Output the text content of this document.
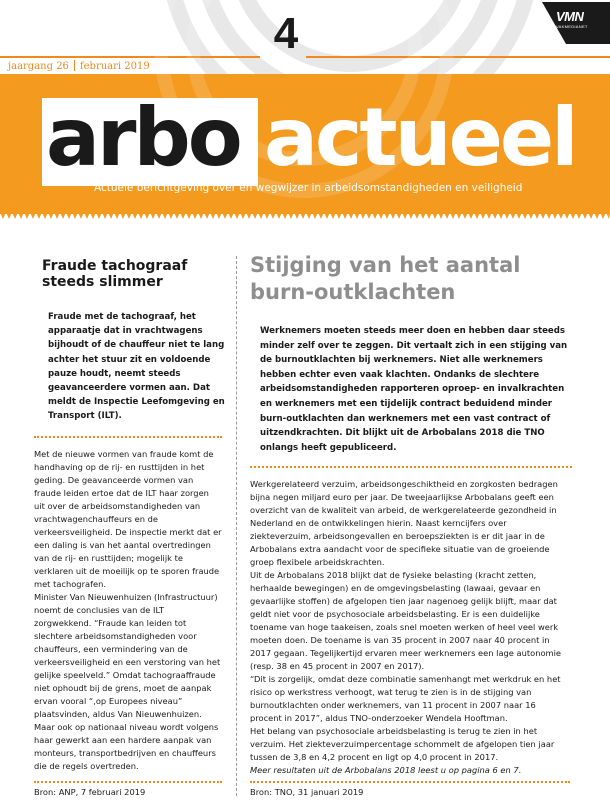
4
jaargang 26 februari 2019
VMN
VAKMEDIANET
arbo actueel
Actuele berichtgeving over en wegwijzer in arbeidsomstandigheden en veiligheid
Fraude tachograaf steeds slimmer
Fraude met de tachograaf, het apparaatje dat in vrachtwagens bijhoudt of de chauffeur niet te lang achter het stuur zit en voldoende pauze houdt, neemt steeds geavanceerdere vormen aan. Dat meldt de Inspectie Leefomgeving en Transport (ILT).

Met de nieuwe vormen van fraude komt de handhaving op de rij- en rusttijden in het geding. De geavanceerde vormen van fraude leiden ertoe dat de ILT haar zorgen uit over de arbeidsomstandigheden van vrachtwagenchauffeurs en de verkeersveiligheid. De inspectie merkt dat er een daling is van het aantal overtredingen van de rij- en rusttijden; mogelijk te verklaren uit de moeilijk op te sporen fraude met tachografen.

Minister Van Nieuwenhuizen (Infrastructuur) noemt de conclusies van de ILT zorgwekkend. “Fraude kan leiden tot slechtere arbeidsomstandigheden voor chauffeurs, een vermindering van de verkeersveiligheid en een verstoring van het gelijke speelveld.” Omdat tachograaffraude niet ophoudt bij de grens, moet de aanpak ervan vooral “,op Europees niveau” plaatsvinden, aldus Van Nieuwenhuizen. Maar ook op nationaal niveau wordt volgens haar gewerkt aan een hardere aanpak van monteurs, transportbedrijven en chauffeurs die de regels overtreden.

Bron: ANP, 7 februari 2019
Stijging van het aantal burn-outklachten
Werknemers moeten steeds meer doen en hebben daar steeds minder zelf over te zeggen. Dit vertaalt zich in een stijging van de burnoutklachten bij werknemers. Niet alle werknemers hebben echter even vaak klachten. Ondanks de slechtere arbeidsomstandigheden rapporteren oproep- en invalkrachten en werknemers met een tijdelijk contract beduidend minder burn-outklachten dan werknemers met een vast contract of uitzendkrachten. Dit blijkt uit de Arbobalans 2018 die TNO onlangs heeft gepubliceerd.

Werkgerelateerd verzuim, arbeidsongeschiktheid en zorgkosten bedragen bijna negen miljard euro per jaar. De tweejaarlijkse Arbobalans geeft een overzicht van de kwaliteit van arbeid, de werkgerelateerde gezondheid in Nederland en de ontwikkelingen hierin. Naast kerncijfers over ziekteverzuim, arbeidsongevallen en beroepsziekten is er dit jaar in de Arbobalans extra aandacht voor de specifieke situatie van de groeiende groep flexibele arbeidskrachten.

Uit de Arbobalans 2018 blijkt dat de fysieke belasting (kracht zetten, herhaalde bewegingen) en de omgevingsbelasting (lawaai, gevaar en gevaarlijke stoffen) de afgelopen tien jaar nagenoeg gelijk blijft, maar dat geldt niet voor de psychosociale arbeidsbelasting. Er is een duidelijke toename van hoge taakeisen, zoals snel moeten werken of heel veel werk moeten doen. De toename is van 35 procent in 2007 naar 40 procent in 2017 gegaan. Tegelijkertijd ervaren meer werknemers een lage autonomie (resp. 38 en 45 procent in 2007 en 2017).

“Dit is zorgelijk, omdat deze combinatie samenhangt met werkdruk en het risico op werkstress verhoogt, wat terug te zien is in de stijging van burnoutklachten onder werknemers, van 11 procent in 2007 naar 16 procent in 2017”, aldus TNO-onderzoeker Wendela Hooftman.

Het belang van psychosociale arbeidsbelasting is terug te zien in het verzuim. Het ziekteverzuimpercentage schommelt de afgelopen tien jaar tussen de 3,8 en 4,2 procent en ligt op 4,0 procent in 2017.

Meer resultaten uit de Arbobalans 2018 leest u op pagina 6 en 7.

Bron: TNO, 31 januari 2019
